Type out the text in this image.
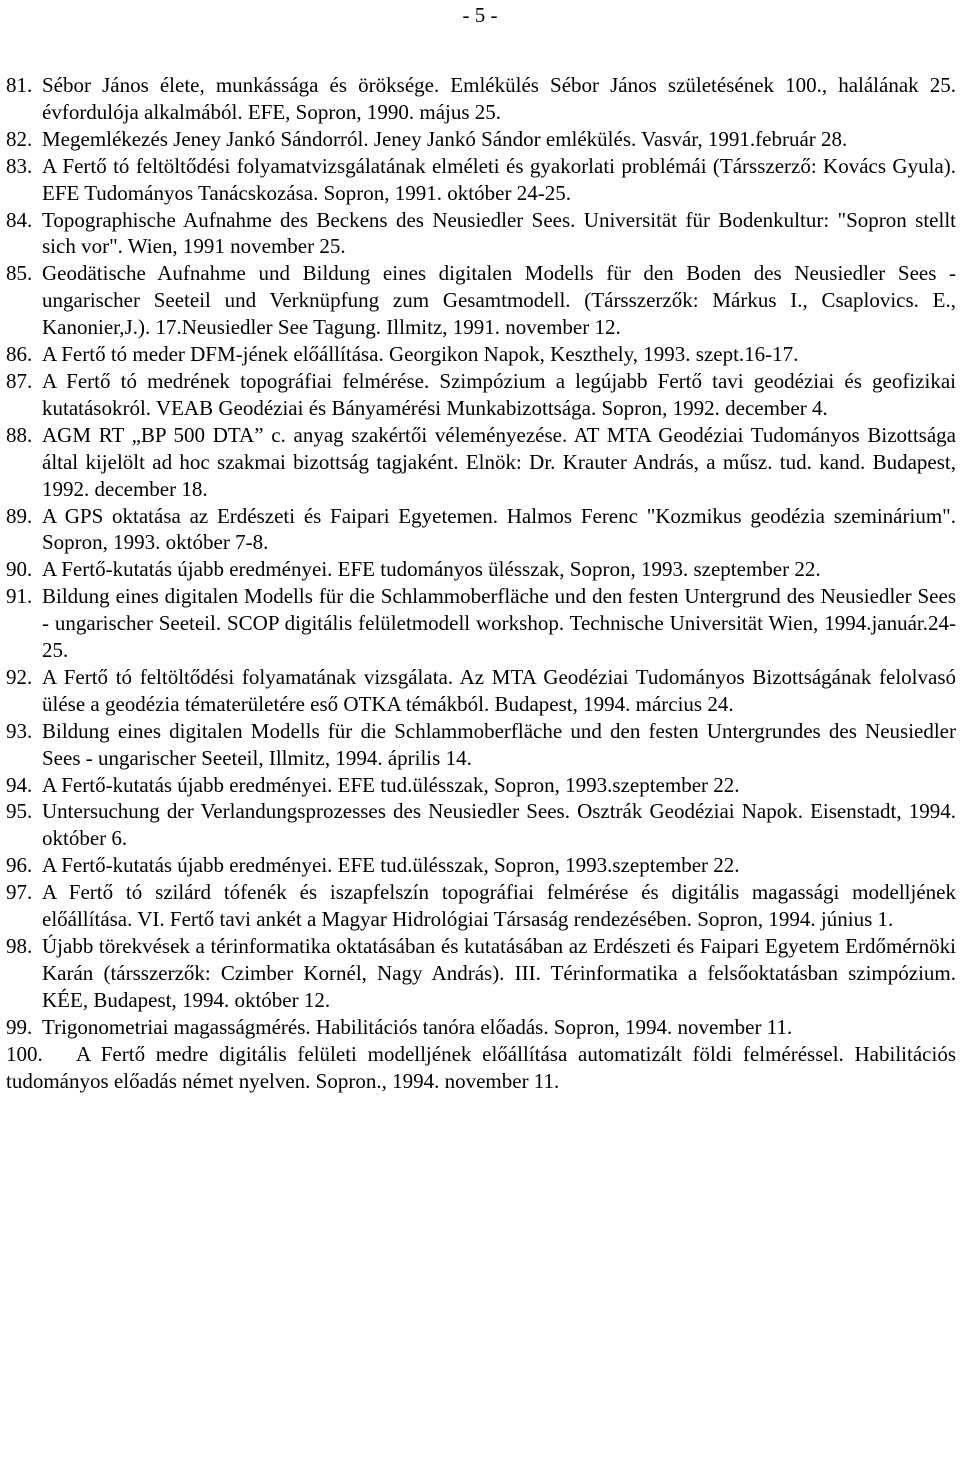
- 5 -
81. Sébor János élete, munkássága és öröksége. Emlékülés Sébor János születésének 100., halálának 25. évfordulója alkalmából. EFE, Sopron, 1990. május 25.
82. Megemlékezés Jeney Jankó Sándorról. Jeney Jankó Sándor emlékülés. Vasvár, 1991.február 28.
83. A Fertő tó feltöltődési folyamatvizsgálatának elméleti és gyakorlati problémái (Társszerző: Kovács Gyula). EFE Tudományos Tanácskozása. Sopron, 1991. október 24-25.
84. Topographische Aufnahme des Beckens des Neusiedler Sees. Universität für Bodenkultur: "Sopron stellt sich vor". Wien, 1991 november 25.
85. Geodätische Aufnahme und Bildung eines digitalen Modells für den Boden des Neusiedler Sees - ungarischer Seeteil und Verknüpfung zum Gesamtmodell. (Társszerzők: Márkus I., Csaplovics. E., Kanonier,J.). 17.Neusiedler See Tagung. Illmitz, 1991. november 12.
86. A Fertő tó meder DFM-jének előállítása. Georgikon Napok, Keszthely, 1993. szept.16-17.
87. A Fertő tó medrének topográfiai felmérése. Szimpózium a legújabb Fertő tavi geodéziai és geofizikai kutatásokról. VEAB Geodéziai és Bányamérési Munkabizottsága. Sopron, 1992. december 4.
88. AGM RT „BP 500 DTA” c. anyag szakértői véleményezése. AT MTA Geodéziai Tudományos Bizottsága által kijelölt ad hoc szakmai bizottság tagjaként. Elnök: Dr. Krauter András, a műsz. tud. kand. Budapest, 1992. december 18.
89. A GPS oktatása az Erdészeti és Faipari Egyetemen. Halmos Ferenc "Kozmikus geodézia szeminárium". Sopron, 1993. október 7-8.
90. A Fertő-kutatás újabb eredményei. EFE tudományos ülésszak, Sopron, 1993. szeptember 22.
91. Bildung eines digitalen Modells für die Schlammoberfläche und den festen Untergrund des Neusiedler Sees - ungarischer Seeteil. SCOP digitális felületmodell workshop. Technische Universität Wien, 1994.január.24-25.
92. A Fertő tó feltöltődési folyamatának vizsgálata. Az MTA Geodéziai Tudományos Bizottságának felolvasó ülése a geodézia tématerületére eső OTKA témákból. Budapest, 1994. március 24.
93. Bildung eines digitalen Modells für die Schlammoberfläche und den festen Untergrundes des Neusiedler Sees - ungarischer Seeteil, Illmitz, 1994. április 14.
94. A Fertő-kutatás újabb eredményei. EFE tud.ülésszak, Sopron, 1993.szeptember 22.
95. Untersuchung der Verlandungsprozesses des Neusiedler Sees. Osztrák Geodéziai Napok. Eisenstadt, 1994. október 6.
96. A Fertő-kutatás újabb eredményei. EFE tud.ülésszak, Sopron, 1993.szeptember 22.
97. A Fertő tó szilárd tófenék és iszapfelszín topográfiai felmérése és digitális magassági modelljének előállítása. VI. Fertő tavi ankét a Magyar Hidrológiai Társaság rendezésében. Sopron, 1994. június 1.
98. Újabb törekvések a térinformatika oktatásában és kutatásában az Erdészeti és Faipari Egyetem Erdőmérnöki Karán (társszerzők: Czimber Kornél, Nagy András). III. Térinformatika a felsőoktatásban szimpózium. KÉE, Budapest, 1994. október 12.
99. Trigonometriai magasságmérés. Habilitációs tanóra előadás. Sopron, 1994. november 11.
100. A Fertő medre digitális felületi modelljének előállítása automatizált földi felméréssel. Habilitációs tudományos előadás német nyelven. Sopron., 1994. november 11.
